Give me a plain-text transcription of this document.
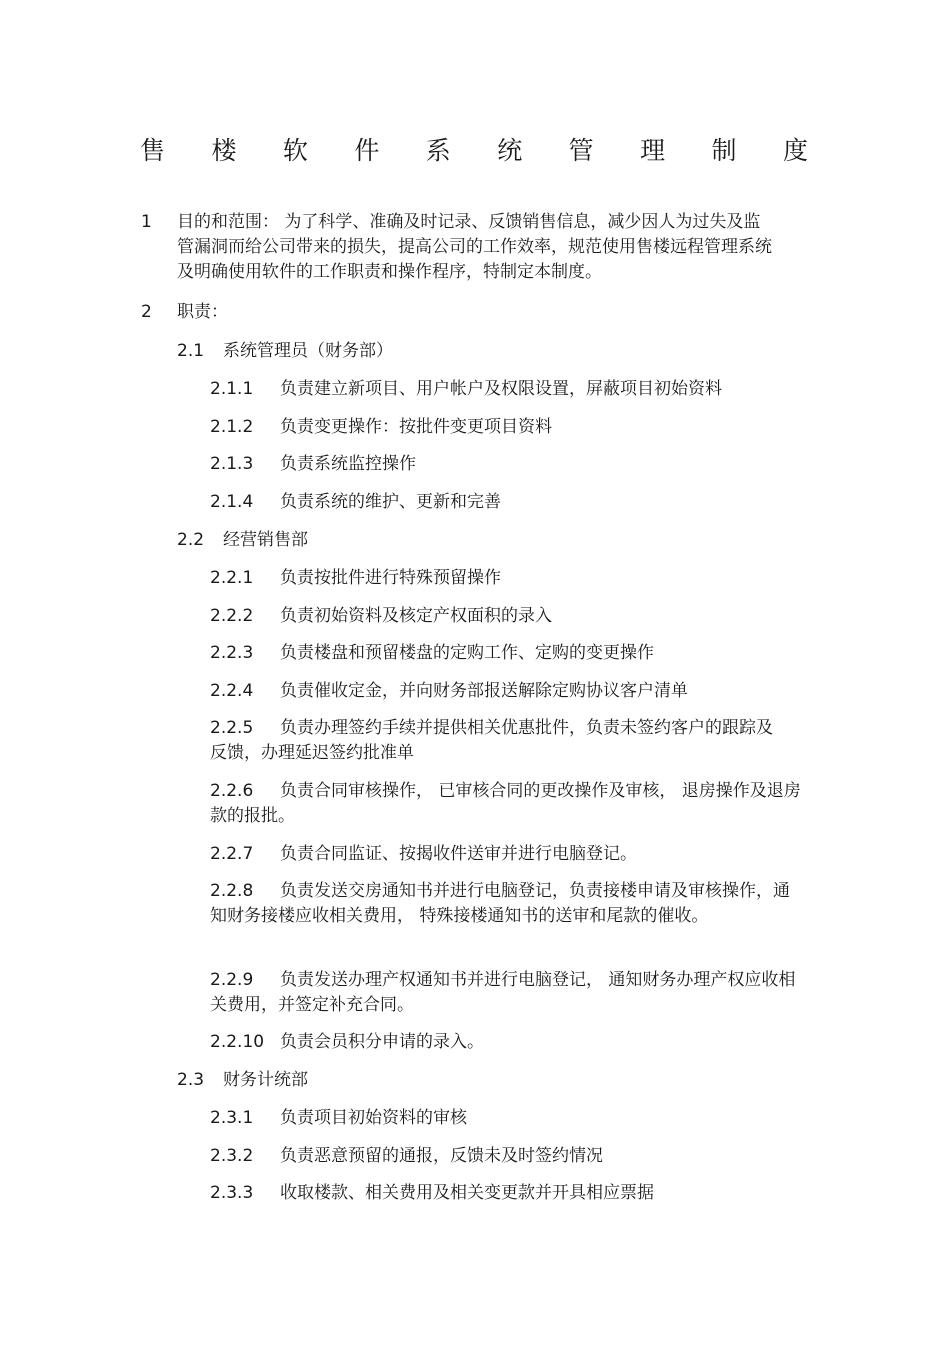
售 楼 软 件 系 统 管 理 制 度
1 目的和范围： 为了科学、准确及时记录、反馈销售信息，减少因人为过失及监管漏洞而给公司带来的损失，提高公司的工作效率，规范使用售楼远程管理系统及明确使用软件的工作职责和操作程序，特制定本制度。
2 职责：
2.1 系统管理员（财务部）
2.1.1 负责建立新项目、用户帐户及权限设置，屏蔽项目初始资料
2.1.2 负责变更操作：按批件变更项目资料
2.1.3 负责系统监控操作
2.1.4 负责系统的维护、更新和完善
2.2 经营销售部
2.2.1 负责按批件进行特殊预留操作
2.2.2 负责初始资料及核定产权面积的录入
2.2.3 负责楼盘和预留楼盘的定购工作、定购的变更操作
2.2.4 负责催收定金，并向财务部报送解除定购协议客户清单
2.2.5 负责办理签约手续并提供相关优惠批件，负责未签约客户的跟踪及反馈，办理延迟签约批准单
2.2.6 负责合同审核操作， 已审核合同的更改操作及审核， 退房操作及退房款的报批。
2.2.7 负责合同监证、按揭收件送审并进行电脑登记。
2.2.8 负责发送交房通知书并进行电脑登记，负责接楼申请及审核操作，通知财务接楼应收相关费用， 特殊接楼通知书的送审和尾款的催收。
2.2.9 负责发送办理产权通知书并进行电脑登记， 通知财务办理产权应收相关费用，并签定补充合同。
2.2.10 负责会员积分申请的录入。
2.3 财务计统部
2.3.1 负责项目初始资料的审核
2.3.2 负责恶意预留的通报，反馈未及时签约情况
2.3.3 收取楼款、相关费用及相关变更款并开具相应票据
